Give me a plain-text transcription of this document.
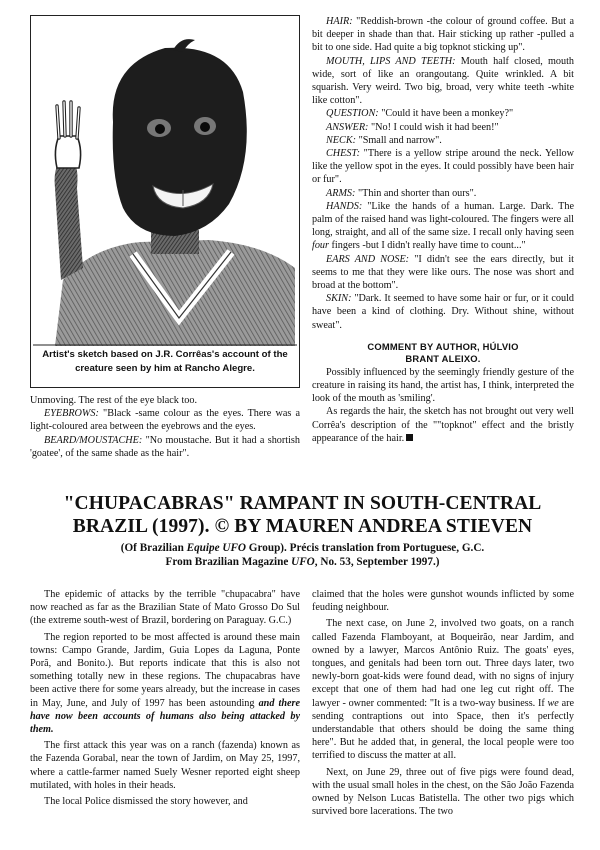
Artist's sketch based on J.R. Corrêas's account of the creature seen by him at Rancho Alegre.

Unmoving. The rest of the eye black too.

EYEBROWS: "Black -same colour as the eyes. There was a light-coloured area between the eyebrows and the eyes.

BEARD/MOUSTACHE: "No moustache. But it had a shortish 'goatee', of the same shade as the hair".

HAIR: "Reddish-brown -the colour of ground coffee. But a bit deeper in shade than that. Hair sticking up rather -pulled a bit to one side. Had quite a big topknot sticking up".

MOUTH, LIPS AND TEETH: Mouth half closed, mouth wide, sort of like an orangoutang. Quite wrinkled. A bit squarish. Very weird. Two big, broad, very white teeth -white like cotton".

QUESTION: "Could it have been a monkey?"

ANSWER: "No! I could wish it had been!"

NECK: "Small and narrow".

CHEST: "There is a yellow stripe around the neck. Yellow like the yellow spot in the eyes. It could possibly have been hair or fur".

ARMS: "Thin and shorter than ours".

HANDS: "Like the hands of a human. Large. Dark. The palm of the raised hand was light-coloured. The fingers were all long, straight, and all of the same size. I recall only having seen four fingers -but I didn't really have time to count..."

EARS AND NOSE: "I didn't see the ears directly, but it seems to me that they were like ours. The nose was short and broad at the bottom".

SKIN: "Dark. It seemed to have some hair or fur, or it could have been a kind of clothing. Dry. Without shine, without sweat".

COMMENT BY AUTHOR, HÚLVIO
BRANT ALEIXO.

Possibly influenced by the seemingly friendly gesture of the creature in raising its hand, the artist has, I think, interpreted the look of the mouth as 'smiling'.

As regards the hair, the sketch has not brought out very well Corrêa's description of the ""topknot" effect and the bristly appearance of the hair.

"CHUPACABRAS" RAMPANT IN SOUTH-CENTRAL
BRAZIL (1997). © BY MAUREN ANDREA STIEVEN
(Of Brazilian Equipe UFO Group). Précis translation from Portuguese, G.C.
From Brazilian Magazine UFO, No. 53, September 1997.)

The epidemic of attacks by the terrible "chupacabra" have now reached as far as the Brazilian State of Mato Grosso Do Sul (the extreme south-west of Brazil, bordering on Paraguay. G.C.)

The region reported to be most affected is around these main towns: Campo Grande, Jardim, Guia Lopes da Laguna, Ponte Porã, and Bonito.). But reports indicate that this is also not something totally new in these regions. The chupacabras have been active there for some years already, but the increase in cases in May, June, and July of 1997 has been astounding and there have now been accounts of humans also being attacked by them.

The first attack this year was on a ranch (fazenda) known as the Fazenda Gorabal, near the town of Jardim, on May 25, 1997, where a cattle-farmer named Suely Wesner reported eight sheep mutilated, with holes in their heads.

The local Police dismissed the story however, and

claimed that the holes were gunshot wounds inflicted by some feuding neighbour.

The next case, on June 2, involved two goats, on a ranch called Fazenda Flamboyant, at Boqueirão, near Jardim, and owned by a lawyer, Marcos Antônio Ruiz. The goats' eyes, tongues, and genitals had been torn out. Three days later, two newly-born goat-kids were found dead, with no signs of injury except that one of them had had one leg cut right off. The lawyer - owner commented: "It is a two-way business. If we are sending contraptions out into Space, then it's perfectly understandable that others should be doing the same thing here". But he added that, in general, the local people were too terrified to discuss the matter at all.

Next, on June 29, three out of five pigs were found dead, with the usual small holes in the chest, on the São João Fazenda owned by Nelson Lucas Batistella. The other two pigs which survived bore lacerations. The two
